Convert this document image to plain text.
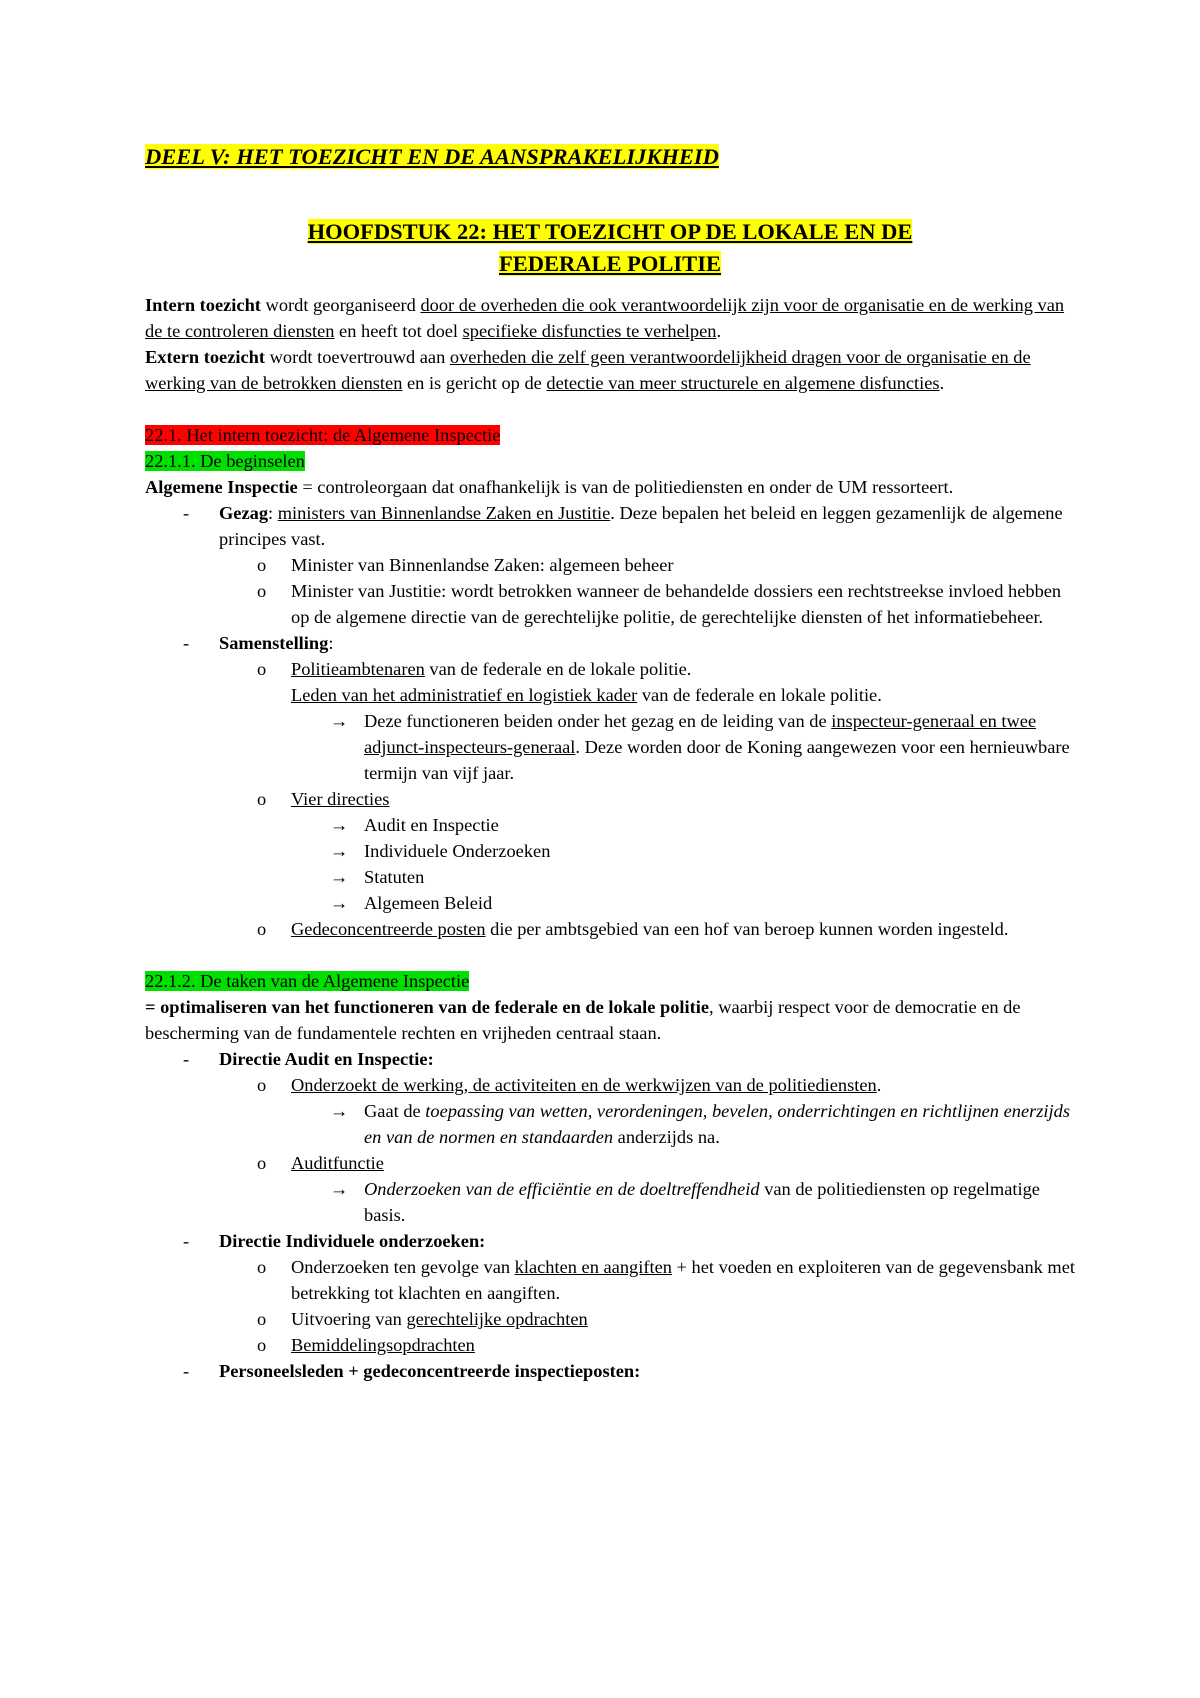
DEEL V: HET TOEZICHT EN DE AANSPRAKELIJKHEID

HOOFDSTUK 22: HET TOEZICHT OP DE LOKALE EN DE
FEDERALE POLITIE

Intern toezicht wordt georganiseerd door de overheden die ook verantwoordelijk zijn voor de organisatie en de werking van de te controleren diensten en heeft tot doel specifieke disfuncties te verhelpen.

Extern toezicht wordt toevertrouwd aan overheden die zelf geen verantwoordelijkheid dragen voor de organisatie en de werking van de betrokken diensten en is gericht op de detectie van meer structurele en algemene disfuncties.

22.1. Het intern toezicht: de Algemene Inspectie

22.1.1. De beginselen

Algemene Inspectie = controleorgaan dat onafhankelijk is van de politiediensten en onder de UM ressorteert.

- Gezag: ministers van Binnenlandse Zaken en Justitie. Deze bepalen het beleid en leggen gezamenlijk de algemene principes vast.
o Minister van Binnenlandse Zaken: algemeen beheer
o Minister van Justitie: wordt betrokken wanneer de behandelde dossiers een rechtstreekse invloed hebben op de algemene directie van de gerechtelijke politie, de gerechtelijke diensten of het informatiebeheer.
- Samenstelling:
o Politieambtenaren van de federale en de lokale politie.
Leden van het administratief en logistiek kader van de federale en lokale politie.
→ Deze functioneren beiden onder het gezag en de leiding van de inspecteur-generaal en twee adjunct-inspecteurs-generaal. Deze worden door de Koning aangewezen voor een hernieuwbare termijn van vijf jaar.
o Vier directies
→ Audit en Inspectie
→ Individuele Onderzoeken
→ Statuten
→ Algemeen Beleid
o Gedeconcentreerde posten die per ambtsgebied van een hof van beroep kunnen worden ingesteld.

22.1.2. De taken van de Algemene Inspectie

= optimaliseren van het functioneren van de federale en de lokale politie, waarbij respect voor de democratie en de bescherming van de fundamentele rechten en vrijheden centraal staan.

- Directie Audit en Inspectie:
o Onderzoekt de werking, de activiteiten en de werkwijzen van de politiediensten.
→ Gaat de toepassing van wetten, verordeningen, bevelen, onderrichtingen en richtlijnen enerzijds en van de normen en standaarden anderzijds na.
o Auditfunctie
→ Onderzoeken van de efficiëntie en de doeltreffendheid van de politiediensten op regelmatige basis.
- Directie Individuele onderzoeken:
o Onderzoeken ten gevolge van klachten en aangiften + het voeden en exploiteren van de gegevensbank met betrekking tot klachten en aangiften.
o Uitvoering van gerechtelijke opdrachten
o Bemiddelingsopdrachten
- Personeelsleden + gedeconcentreerde inspectieposten:
